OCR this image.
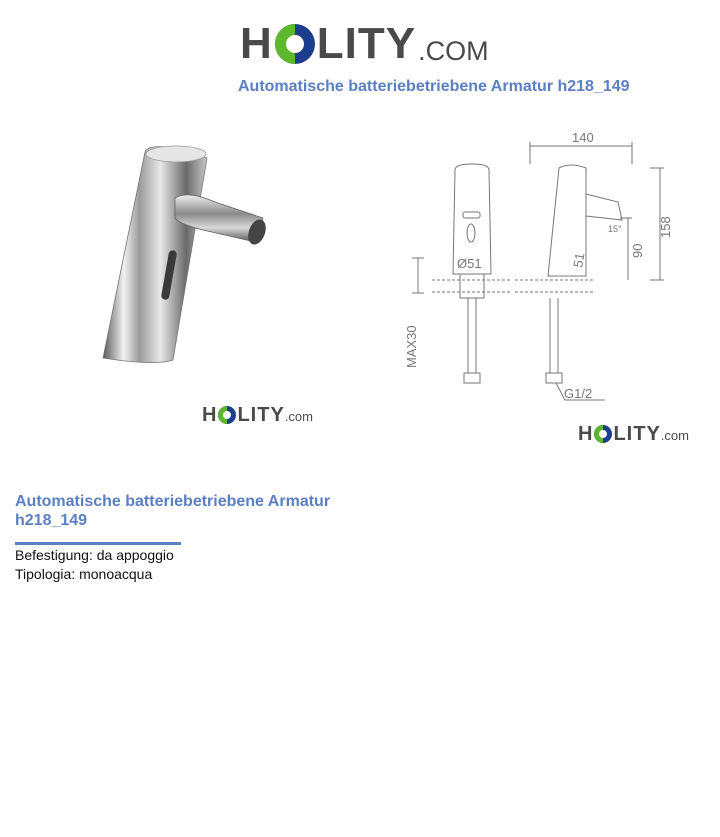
H LITY .COM
Automatische batteriebetriebene Armatur h218_149
H LITY .com
140
158
90
15°
Ø51	51
MAX30
G1/2
H LITY .com
Automatische batteriebetriebene Armatur h218_149
Befestigung: da appoggio
Tipologia: monoacqua
